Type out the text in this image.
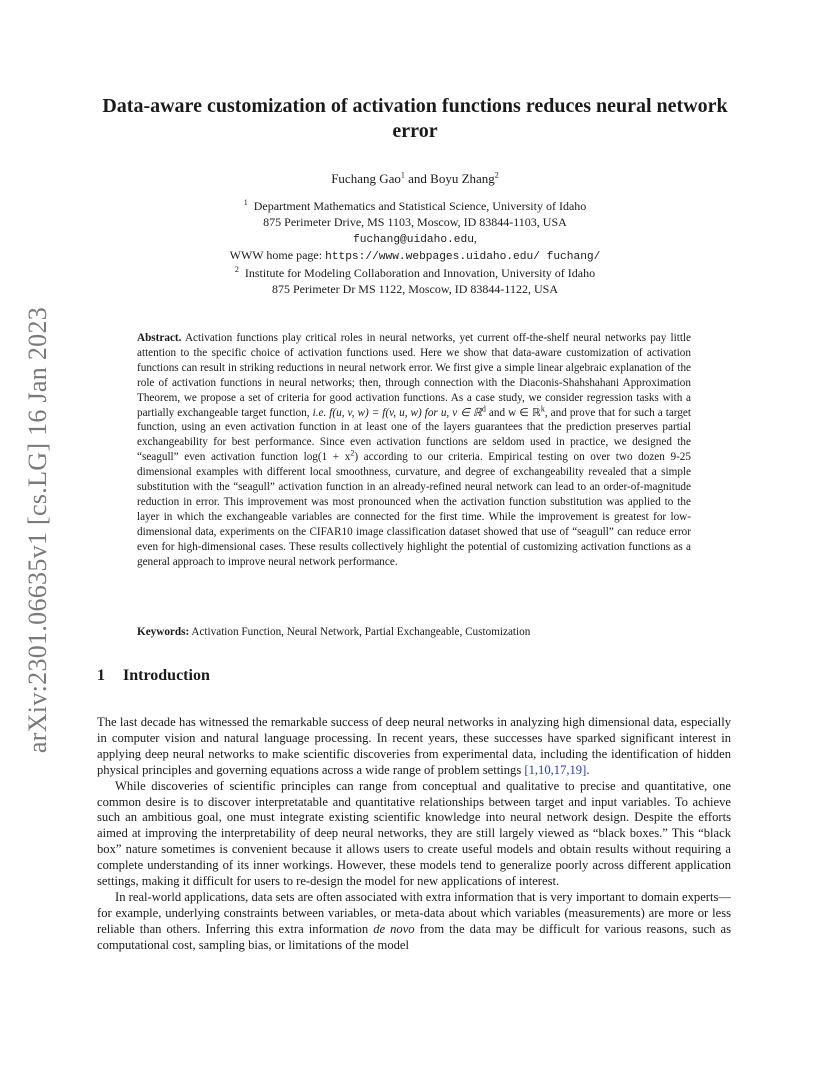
arXiv:2301.06635v1 [cs.LG] 16 Jan 2023
Data-aware customization of activation functions reduces neural network error
Fuchang Gao$^1$ and Boyu Zhang$^2$
$^1$ Department Mathematics and Statistical Science, University of Idaho
875 Perimeter Drive, MS 1103, Moscow, ID 83844-1103, USA
fuchang@uidaho.edu,
WWW home page: https://www.webpages.uidaho.edu/ fuchang/
$^2$ Institute for Modeling Collaboration and Innovation, University of Idaho
875 Perimeter Dr MS 1122, Moscow, ID 83844-1122, USA
Abstract. Activation functions play critical roles in neural networks, yet current off-the-shelf neural networks pay little attention to the specific choice of activation functions used. Here we show that data-aware customization of activation functions can result in striking reductions in neural network error. We first give a simple linear algebraic explanation of the role of activation functions in neural networks; then, through connection with the Diaconis-Shahshahani Approximation Theorem, we propose a set of criteria for good activation functions. As a case study, we consider regression tasks with a partially exchangeable target function, i.e. f(u, v, w) = f(v, u, w) for u, v ∈ ℝ$^d$ and w ∈ ℝ$^k$, and prove that for such a target function, using an even activation function in at least one of the layers guarantees that the prediction preserves partial exchangeability for best performance. Since even activation functions are seldom used in practice, we designed the “seagull” even activation function $\log(1 + x^2)$ according to our criteria. Empirical testing on over two dozen 9-25 dimensional examples with different local smoothness, curvature, and degree of exchangeability revealed that a simple substitution with the “seagull” activation function in an already-refined neural network can lead to an order-of-magnitude reduction in error. This improvement was most pronounced when the activation function substitution was applied to the layer in which the exchangeable variables are connected for the first time. While the improvement is greatest for low-dimensional data, experiments on the CIFAR10 image classification dataset showed that use of “seagull” can reduce error even for high-dimensional cases. These results collectively highlight the potential of customizing activation functions as a general approach to improve neural network performance.
Keywords: Activation Function, Neural Network, Partial Exchangeable, Customization
1 Introduction

The last decade has witnessed the remarkable success of deep neural networks in analyzing high dimensional data, especially in computer vision and natural language processing. In recent years, these successes have sparked significant interest in applying deep neural networks to make scientific discoveries from experimental data, including the identification of hidden physical principles and governing equations across a wide range of problem settings [1,10,17,19].

While discoveries of scientific principles can range from conceptual and qualitative to precise and quantitative, one common desire is to discover interpretatable and quantitative relationships between target and input variables. To achieve such an ambitious goal, one must integrate existing scientific knowledge into neural network design. Despite the efforts aimed at improving the interpretability of deep neural networks, they are still largely viewed as “black boxes.” This “black box” nature sometimes is convenient because it allows users to create useful models and obtain results without requiring a complete understanding of its inner workings. However, these models tend to generalize poorly across different application settings, making it difficult for users to re-design the model for new applications of interest.

In real-world applications, data sets are often associated with extra information that is very important to domain experts—for example, underlying constraints between variables, or meta-data about which variables (measurements) are more or less reliable than others. Inferring this extra information de novo from the data may be difficult for various reasons, such as computational cost, sampling bias, or limitations of the model
